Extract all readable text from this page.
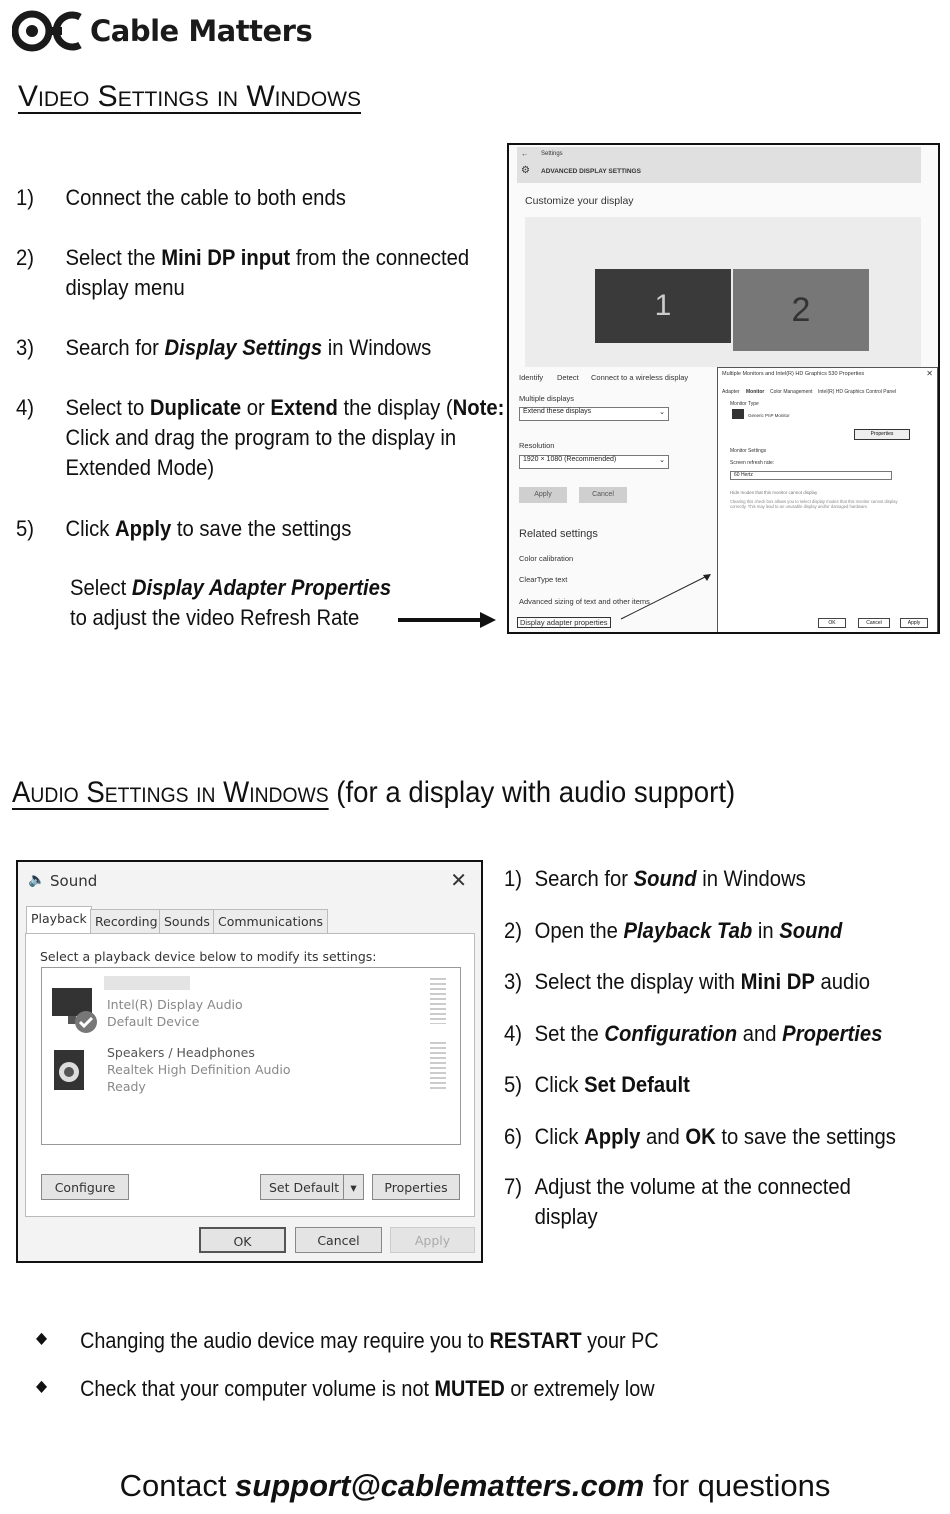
Cable Matters
Video Settings in Windows
1)	Connect the cable to both ends
2)	Select the Mini DP input from the connected display menu
3)	Search for Display Settings in Windows
4)	Select to Duplicate or Extend the display (Note: Click and drag the program to the display in Extended Mode)
5)	Click Apply to save the settings
Select Display Adapter Properties
to adjust the video Refresh Rate
← Settings
⚙ ADVANCED DISPLAY SETTINGS
Customize your display
1	2
Identify Detect Connect to a wireless display
Multiple displays
Extend these displays	⌄
Resolution
1920 × 1080 (Recommended)	⌄
Apply	Cancel
Related settings
Color calibration
ClearType text
Advanced sizing of text and other items
Display adapter properties
Multiple Monitors and Intel(R) HD Graphics 530 Properties	✕
Adapter Monitor Color Management Intel(R) HD Graphics Control Panel
Monitor Type
Generic PnP Monitor
Properties
Monitor Settings
Screen refresh rate:
60 Hertz
Hide modes that this monitor cannot display
Clearing this check box allows you to select display modes that this monitor cannot display correctly. This may lead to an unusable display and/or damaged hardware.
OK	Cancel	Apply
Audio Settings in Windows (for a display with audio support)
🔈 Sound	✕
Playback Recording Sounds Communications
Select a playback device below to modify its settings:
Intel(R) Display Audio
Default Device
Speakers / Headphones
Realtek High Definition Audio
Ready
Configure	Set Default ▾	Properties
OK	Cancel	Apply
1) Search for Sound in Windows
2) Open the Playback Tab in Sound
3) Select the display with Mini DP audio
4) Set the Configuration and Properties
5) Click Set Default
6) Click Apply and OK to save the settings
7) Adjust the volume at the connected display
◆ Changing the audio device may require you to RESTART your PC
◆ Check that your computer volume is not MUTED or extremely low
Contact support@cablematters.com for questions
